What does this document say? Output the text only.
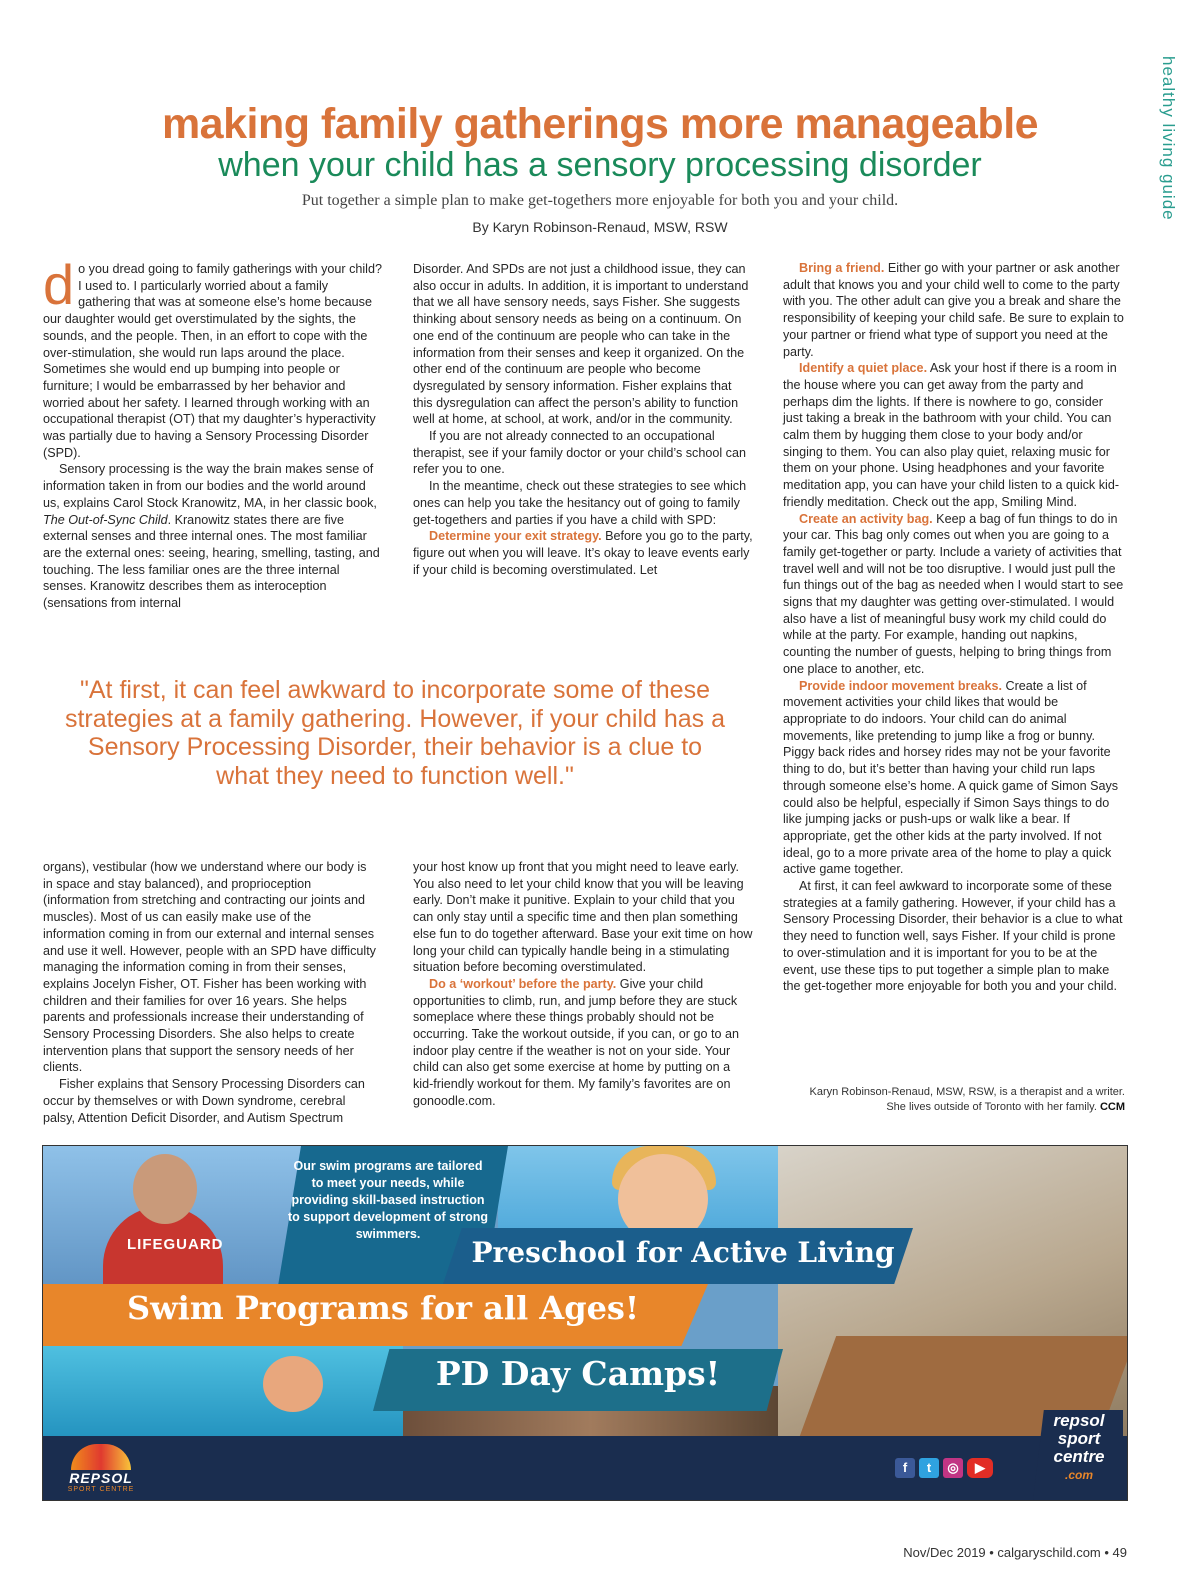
healthy living guide
making family gatherings more manageable
when your child has a sensory processing disorder
Put together a simple plan to make get-togethers more enjoyable for both you and your child.
By Karyn Robinson-Renaud, MSW, RSW

do you dread going to family gatherings with your child? I used to. I particularly worried about a family gathering that was at someone else’s home because our daughter would get overstimulated by the sights, the sounds, and the people. Then, in an effort to cope with the over-stimulation, she would run laps around the place. Sometimes she would end up bumping into people or furniture; I would be embarrassed by her behavior and worried about her safety. I learned through working with an occupational therapist (OT) that my daughter’s hyperactivity was partially due to having a Sensory Processing Disorder (SPD).

Sensory processing is the way the brain makes sense of information taken in from our bodies and the world around us, explains Carol Stock Kranowitz, MA, in her classic book, The Out-of-Sync Child. Kranowitz states there are five external senses and three internal ones. The most familiar are the external ones: seeing, hearing, smelling, tasting, and touching. The less familiar ones are the three internal senses. Kranowitz describes them as interoception (sensations from internal

Disorder. And SPDs are not just a childhood issue, they can also occur in adults. In addition, it is important to understand that we all have sensory needs, says Fisher. She suggests thinking about sensory needs as being on a continuum. On one end of the continuum are people who can take in the information from their senses and keep it organized. On the other end of the continuum are people who become dysregulated by sensory information. Fisher explains that this dysregulation can affect the person’s ability to function well at home, at school, at work, and/or in the community.

If you are not already connected to an occupational therapist, see if your family doctor or your child’s school can refer you to one.

In the meantime, check out these strategies to see which ones can help you take the hesitancy out of going to family get-togethers and parties if you have a child with SPD:

Determine your exit strategy. Before you go to the party, figure out when you will leave. It’s okay to leave events early if your child is becoming overstimulated. Let

"At first, it can feel awkward to incorporate some of these strategies at a family gathering. However, if your child has a Sensory Processing Disorder, their behavior is a clue to what they need to function well."

organs), vestibular (how we understand where our body is in space and stay balanced), and proprioception (information from stretching and contracting our joints and muscles). Most of us can easily make use of the information coming in from our external and internal senses and use it well. However, people with an SPD have difficulty managing the information coming in from their senses, explains Jocelyn Fisher, OT. Fisher has been working with children and their families for over 16 years. She helps parents and professionals increase their understanding of Sensory Processing Disorders. She also helps to create intervention plans that support the sensory needs of her clients.

Fisher explains that Sensory Processing Disorders can occur by themselves or with Down syndrome, cerebral palsy, Attention Deficit Disorder, and Autism Spectrum

your host know up front that you might need to leave early. You also need to let your child know that you will be leaving early. Don’t make it punitive. Explain to your child that you can only stay until a specific time and then plan something else fun to do together afterward. Base your exit time on how long your child can typically handle being in a stimulating situation before becoming overstimulated.

Do a ‘workout’ before the party. Give your child opportunities to climb, run, and jump before they are stuck someplace where these things probably should not be occurring. Take the workout outside, if you can, or go to an indoor play centre if the weather is not on your side. Your child can also get some exercise at home by putting on a kid-friendly workout for them. My family’s favorites are on gonoodle.com.

Bring a friend. Either go with your partner or ask another adult that knows you and your child well to come to the party with you. The other adult can give you a break and share the responsibility of keeping your child safe. Be sure to explain to your partner or friend what type of support you need at the party.

Identify a quiet place. Ask your host if there is a room in the house where you can get away from the party and perhaps dim the lights. If there is nowhere to go, consider just taking a break in the bathroom with your child. You can calm them by hugging them close to your body and/or singing to them. You can also play quiet, relaxing music for them on your phone. Using headphones and your favorite meditation app, you can have your child listen to a quick kid-friendly meditation. Check out the app, Smiling Mind.

Create an activity bag. Keep a bag of fun things to do in your car. This bag only comes out when you are going to a family get-together or party. Include a variety of activities that travel well and will not be too disruptive. I would just pull the fun things out of the bag as needed when I would start to see signs that my daughter was getting over-stimulated. I would also have a list of meaningful busy work my child could do while at the party. For example, handing out napkins, counting the number of guests, helping to bring things from one place to another, etc.

Provide indoor movement breaks. Create a list of movement activities your child likes that would be appropriate to do indoors. Your child can do animal movements, like pretending to jump like a frog or bunny. Piggy back rides and horsey rides may not be your favorite thing to do, but it’s better than having your child run laps through someone else’s home. A quick game of Simon Says could also be helpful, especially if Simon Says things to do like jumping jacks or push-ups or walk like a bear. If appropriate, get the other kids at the party involved. If not ideal, go to a more private area of the home to play a quick active game together.

At first, it can feel awkward to incorporate some of these strategies at a family gathering. However, if your child has a Sensory Processing Disorder, their behavior is a clue to what they need to function well, says Fisher. If your child is prone to over-stimulation and it is important for you to be at the event, use these tips to put together a simple plan to make the get-together more enjoyable for both you and your child.

Karyn Robinson-Renaud, MSW, RSW, is a therapist and a writer.
She lives outside of Toronto with her family. CCM
LIFEGUARD
Our swim programs are tailored to meet your needs, while providing skill-based instruction to support development of strong swimmers.
Preschool for Active Living
Swim Programs for all Ages!
PD Day Camps!
REPSOL
SPORT CENTRE
f t ◎ ▶
repsol
sport
centre
.com
Nov/Dec 2019 • calgaryschild.com • 49
